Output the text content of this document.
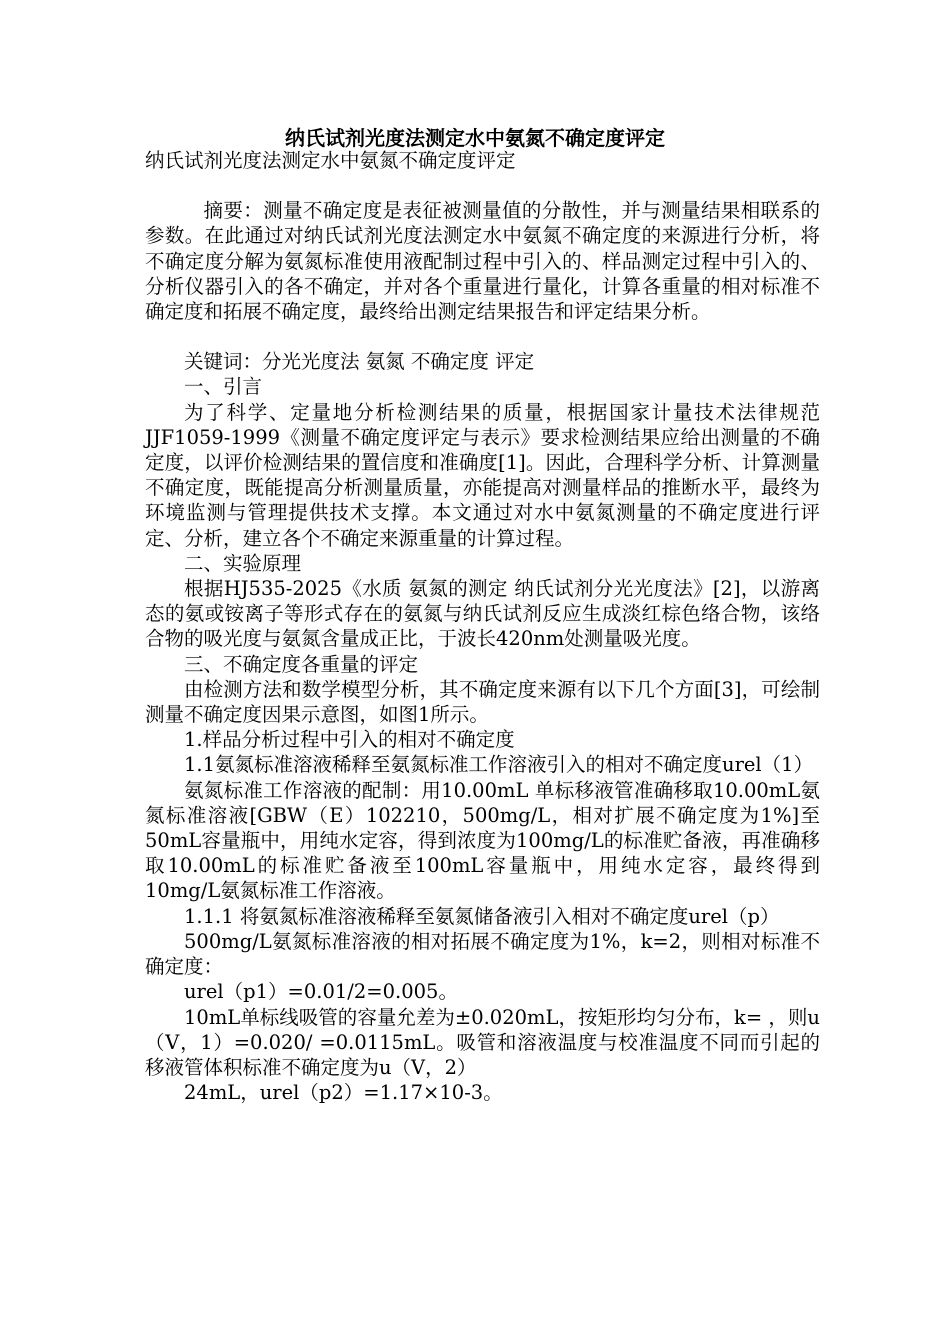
纳氏试剂光度法测定水中氨氮不确定度评定

纳氏试剂光度法测定水中氨氮不确定度评定

摘要：测量不确定度是表征被测量值的分散性，并与测量结果相联系的参数。在此通过对纳氏试剂光度法测定水中氨氮不确定度的来源进行分析，将不确定度分解为氨氮标准使用液配制过程中引入的、样品测定过程中引入的、分析仪器引入的各不确定，并对各个重量进行量化，计算各重量的相对标准不确定度和拓展不确定度，最终给出测定结果报告和评定结果分析。

关键词：分光光度法 氨氮 不确定度 评定

一、引言

为了科学、定量地分析检测结果的质量，根据国家计量技术法律规范JJF1059-1999《测量不确定度评定与表示》要求检测结果应给出测量的不确定度，以评价检测结果的置信度和准确度[1]。因此，合理科学分析、计算测量不确定度，既能提高分析测量质量，亦能提高对测量样品的推断水平，最终为环境监测与管理提供技术支撑。本文通过对水中氨氮测量的不确定度进行评定、分析，建立各个不确定来源重量的计算过程。

二、实验原理

根据HJ535-2025《水质 氨氮的测定 纳氏试剂分光光度法》[2]，以游离态的氨或铵离子等形式存在的氨氮与纳氏试剂反应生成淡红棕色络合物，该络合物的吸光度与氨氮含量成正比，于波长420nm处测量吸光度。

三、不确定度各重量的评定

由检测方法和数学模型分析，其不确定度来源有以下几个方面[3]，可绘制测量不确定度因果示意图，如图1所示。

1.样品分析过程中引入的相对不确定度

1.1氨氮标准溶液稀释至氨氮标准工作溶液引入的相对不确定度urel（1）

氨氮标准工作溶液的配制：用10.00mL 单标移液管准确移取10.00mL氨氮标准溶液[GBW（E）102210，500mg/L，相对扩展不确定度为1%]至50mL容量瓶中，用纯水定容，得到浓度为100mg/L的标准贮备液，再准确移取10.00mL的标准贮备液至100mL容量瓶中，用纯水定容，最终得到10mg/L氨氮标准工作溶液。

1.1.1 将氨氮标准溶液稀释至氨氮储备液引入相对不确定度urel（p）

500mg/L氨氮标准溶液的相对拓展不确定度为1%，k=2，则相对标准不确定度：

urel（p1）=0.01/2=0.005。

10mL单标线吸管的容量允差为±0.020mL，按矩形均匀分布，k= ，则u（V，1）=0.020/ =0.0115mL。吸管和溶液温度与校准温度不同而引起的移液管体积标准不确定度为u（V，2）

24mL，urel（p2）=1.17×10-3。
